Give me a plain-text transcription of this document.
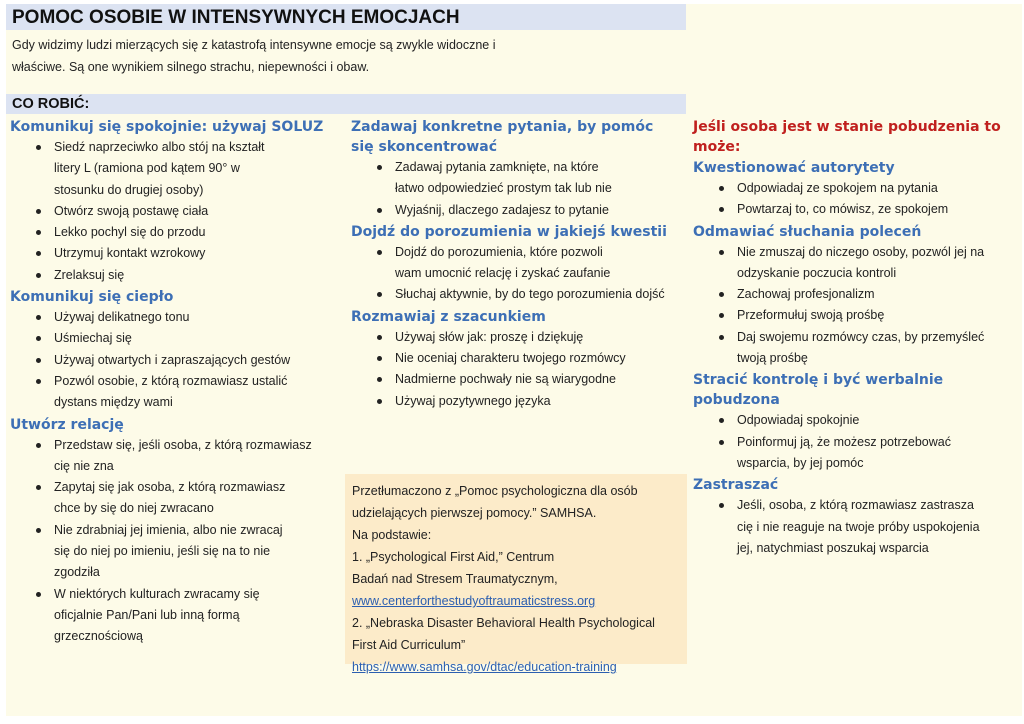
POMOC OSOBIE W INTENSYWNYCH EMOCJACH
Gdy widzimy ludzi mierzących się z katastrofą intensywne emocje są zwykle widoczne i
właściwe. Są one wynikiem silnego strachu, niepewności i obaw.
CO ROBIĆ:
Komunikuj się spokojnie: używaj SOLUZ
Siedź naprzeciwko albo stój na kształt litery L (ramiona pod kątem 90° w stosunku do drugiej osoby)
Otwórz swoją postawę ciała
Lekko pochyl się do przodu
Utrzymuj kontakt wzrokowy
Zrelaksuj się
Komunikuj się ciepło
Używaj delikatnego tonu
Uśmiechaj się
Używaj otwartych i zapraszających gestów
Pozwól osobie, z którą rozmawiasz ustalić dystans między wami
Utwórz relację
Przedstaw się, jeśli osoba, z którą rozmawiasz cię nie zna
Zapytaj się jak osoba, z którą rozmawiasz chce by się do niej zwracano
Nie zdrabniaj jej imienia, albo nie zwracaj się do niej po imieniu, jeśli się na to nie zgodziła
W niektórych kulturach zwracamy się oficjalnie Pan/Pani lub inną formą grzecznościową
Zadawaj konkretne pytania, by pomóc się skoncentrować
Zadawaj pytania zamknięte, na które łatwo odpowiedzieć prostym tak lub nie
Wyjaśnij, dlaczego zadajesz to pytanie
Dojdź do porozumienia w jakiejś kwestii
Dojdź do porozumienia, które pozwoli wam umocnić relację i zyskać zaufanie
Słuchaj aktywnie, by do tego porozumienia dojść
Rozmawiaj z szacunkiem
Używaj słów jak: proszę i dziękuję
Nie oceniaj charakteru twojego rozmówcy
Nadmierne pochwały nie są wiarygodne
Używaj pozytywnego języka
Przetłumaczono z „Pomoc psychologiczna dla osób
udzielających pierwszej pomocy.” SAMHSA.
Na podstawie:
1. „Psychological First Aid,” Centrum
Badań nad Stresem Traumatycznym,
www.centerforthestudyoftraumaticstress.org
2. „Nebraska Disaster Behavioral Health Psychological
First Aid Curriculum”
https://www.samhsa.gov/dtac/education-training
Jeśli osoba jest w stanie pobudzenia to może:
Kwestionować autorytety
Odpowiadaj ze spokojem na pytania
Powtarzaj to, co mówisz, ze spokojem
Odmawiać słuchania poleceń
Nie zmuszaj do niczego osoby, pozwól jej na odzyskanie poczucia kontroli
Zachowaj profesjonalizm
Przeformułuj swoją prośbę
Daj swojemu rozmówcy czas, by przemyśleć twoją prośbę
Stracić kontrolę i być werbalnie pobudzona
Odpowiadaj spokojnie
Poinformuj ją, że możesz potrzebować wsparcia, by jej pomóc
Zastraszać
Jeśli, osoba, z którą rozmawiasz zastrasza cię i nie reaguje na twoje próby uspokojenia jej, natychmiast poszukaj wsparcia
